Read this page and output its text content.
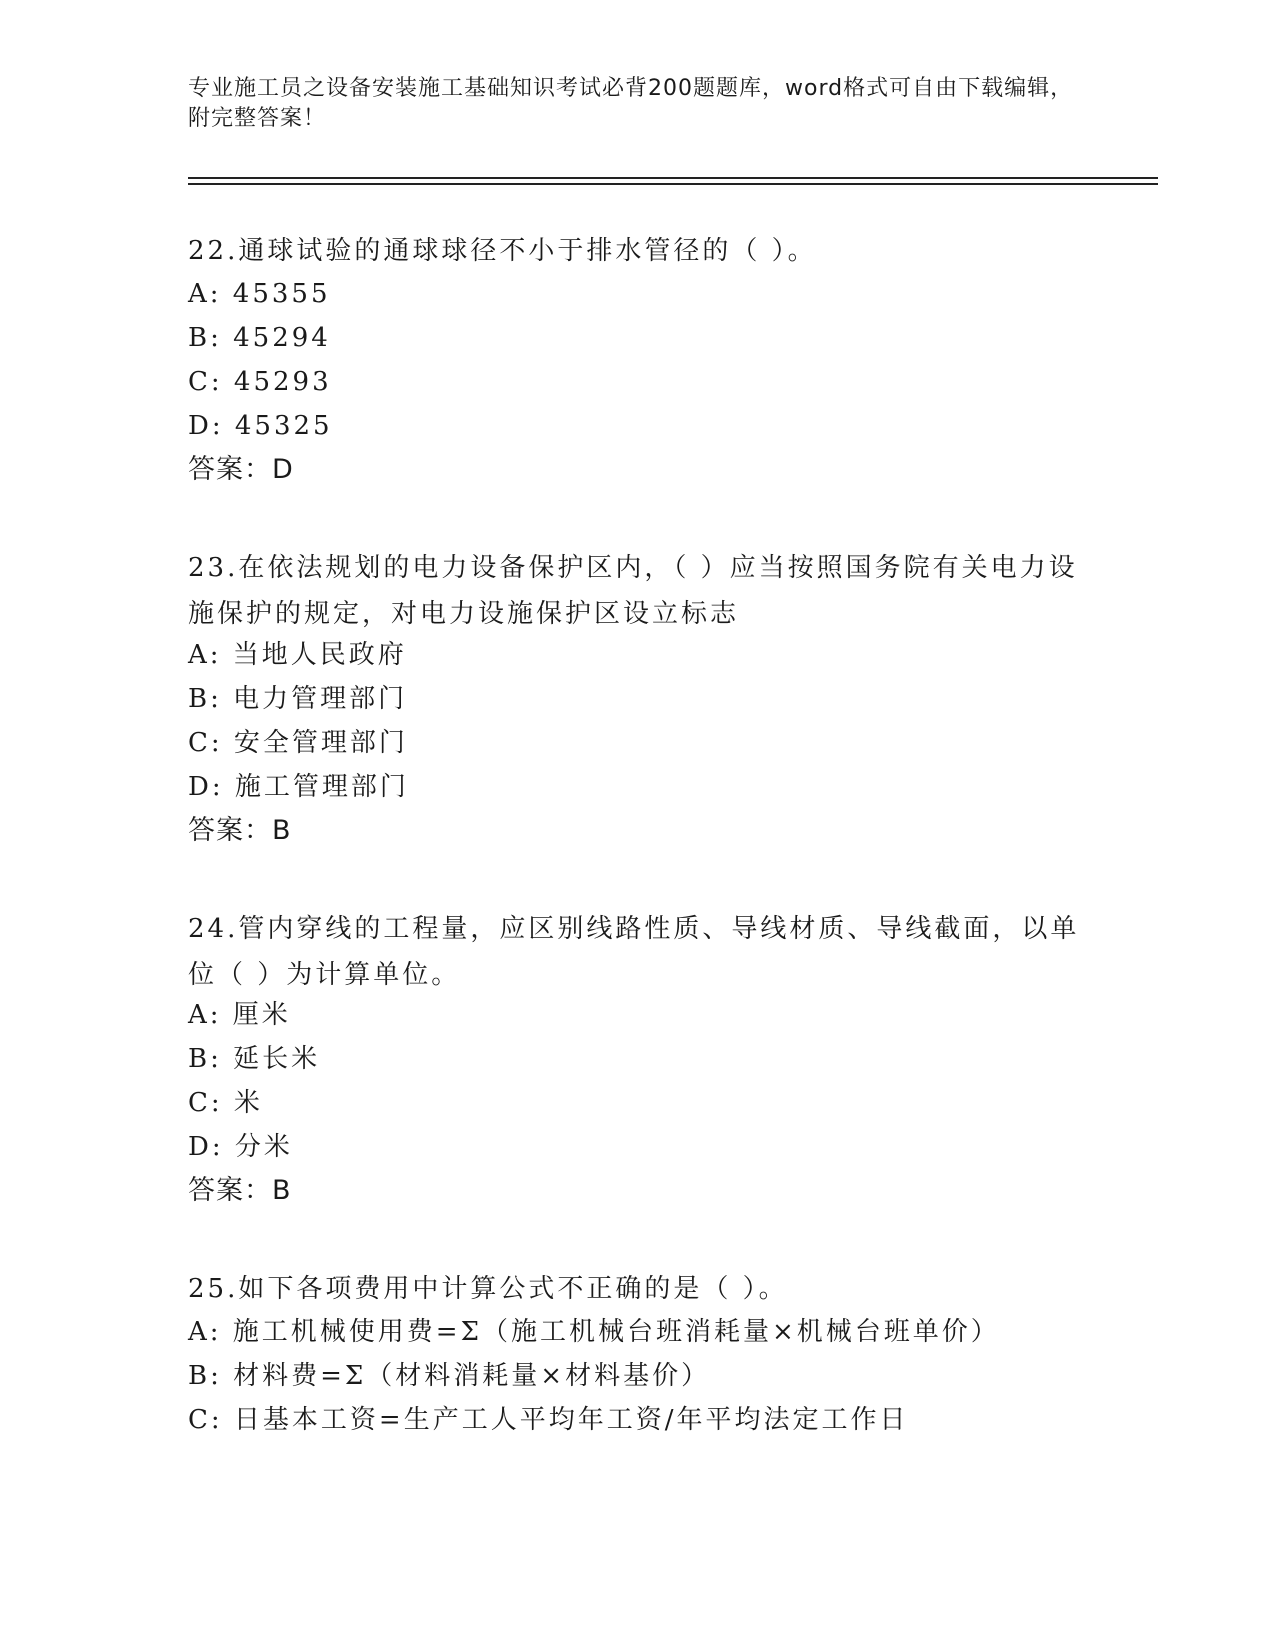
专业施工员之设备安装施工基础知识考试必背200题题库，word格式可自由下载编辑，附完整答案！
22.通球试验的通球球径不小于排水管径的（ ）。
A: 45355
B: 45294
C: 45293
D: 45325
答案：D
23.在依法规划的电力设备保护区内，（ ）应当按照国务院有关电力设施保护的规定，对电力设施保护区设立标志
A: 当地人民政府
B: 电力管理部门
C: 安全管理部门
D: 施工管理部门
答案：B
24.管内穿线的工程量，应区别线路性质、导线材质、导线截面，以单位（ ）为计算单位。
A: 厘米
B: 延长米
C: 米
D: 分米
答案：B
25.如下各项费用中计算公式不正确的是（ ）。
A: 施工机械使用费=Σ（施工机械台班消耗量×机械台班单价）
B: 材料费=Σ（材料消耗量×材料基价）
C: 日基本工资=生产工人平均年工资/年平均法定工作日
